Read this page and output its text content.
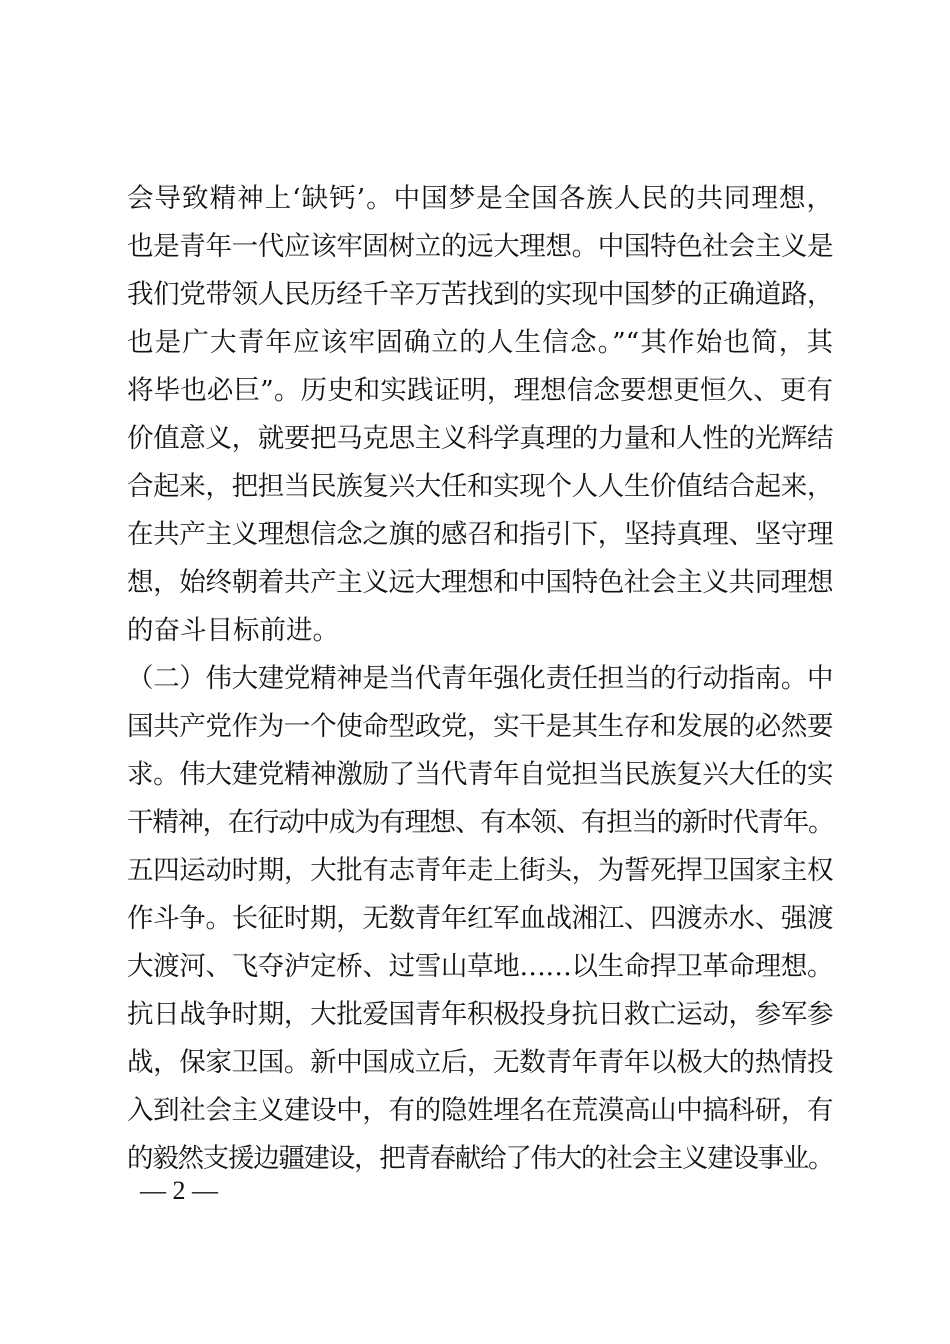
会导致精神上‘缺钙’。中国梦是全国各族人民的共同理想，
也是青年一代应该牢固树立的远大理想。中国特色社会主义是
我们党带领人民历经千辛万苦找到的实现中国梦的正确道路，
也是广大青年应该牢固确立的人生信念。”“其作始也简，其
将毕也必巨”。历史和实践证明，理想信念要想更恒久、更有
价值意义，就要把马克思主义科学真理的力量和人性的光辉结
合起来，把担当民族复兴大任和实现个人人生价值结合起来，
在共产主义理想信念之旗的感召和指引下，坚持真理、坚守理
想，始终朝着共产主义远大理想和中国特色社会主义共同理想
的奋斗目标前进。
（二）伟大建党精神是当代青年强化责任担当的行动指南。中
国共产党作为一个使命型政党，实干是其生存和发展的必然要
求。伟大建党精神激励了当代青年自觉担当民族复兴大任的实
干精神，在行动中成为有理想、有本领、有担当的新时代青年。
五四运动时期，大批有志青年走上街头，为誓死捍卫国家主权
作斗争。长征时期，无数青年红军血战湘江、四渡赤水、强渡
大渡河、飞夺泸定桥、过雪山草地……以生命捍卫革命理想。
抗日战争时期，大批爱国青年积极投身抗日救亡运动，参军参
战，保家卫国。新中国成立后，无数青年青年以极大的热情投
入到社会主义建设中，有的隐姓埋名在荒漠高山中搞科研，有
的毅然支援边疆建设，把青春献给了伟大的社会主义建设事业。
— 2 —
